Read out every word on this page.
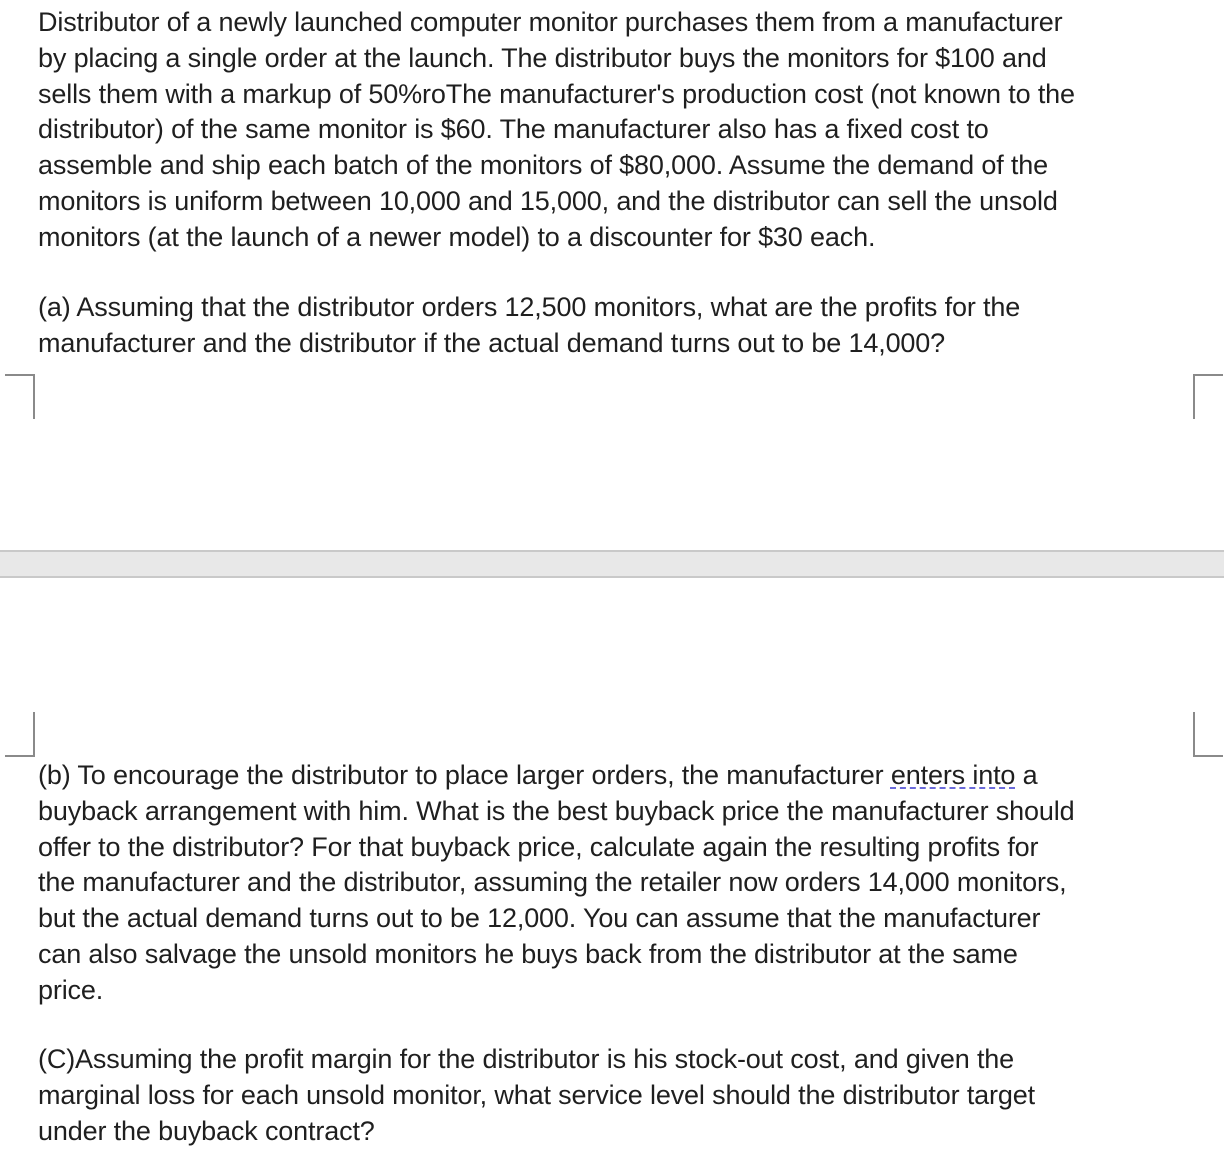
Distributor of a newly launched computer monitor purchases them from a manufacturer
by placing a single order at the launch. The distributor buys the monitors for $100 and
sells them with a markup of 50%roThe manufacturer's production cost (not known to the
distributor) of the same monitor is $60. The manufacturer also has a fixed cost to
assemble and ship each batch of the monitors of $80,000. Assume the demand of the
monitors is uniform between 10,000 and 15,000, and the distributor can sell the unsold
monitors (at the launch of a newer model) to a discounter for $30 each.

(a) Assuming that the distributor orders 12,500 monitors, what are the profits for the
manufacturer and the distributor if the actual demand turns out to be 14,000?

(b) To encourage the distributor to place larger orders, the manufacturer enters into a
buyback arrangement with him. What is the best buyback price the manufacturer should
offer to the distributor? For that buyback price, calculate again the resulting profits for
the manufacturer and the distributor, assuming the retailer now orders 14,000 monitors,
but the actual demand turns out to be 12,000. You can assume that the manufacturer
can also salvage the unsold monitors he buys back from the distributor at the same
price.

(C)Assuming the profit margin for the distributor is his stock-out cost, and given the
marginal loss for each unsold monitor, what service level should the distributor target
under the buyback contract?
